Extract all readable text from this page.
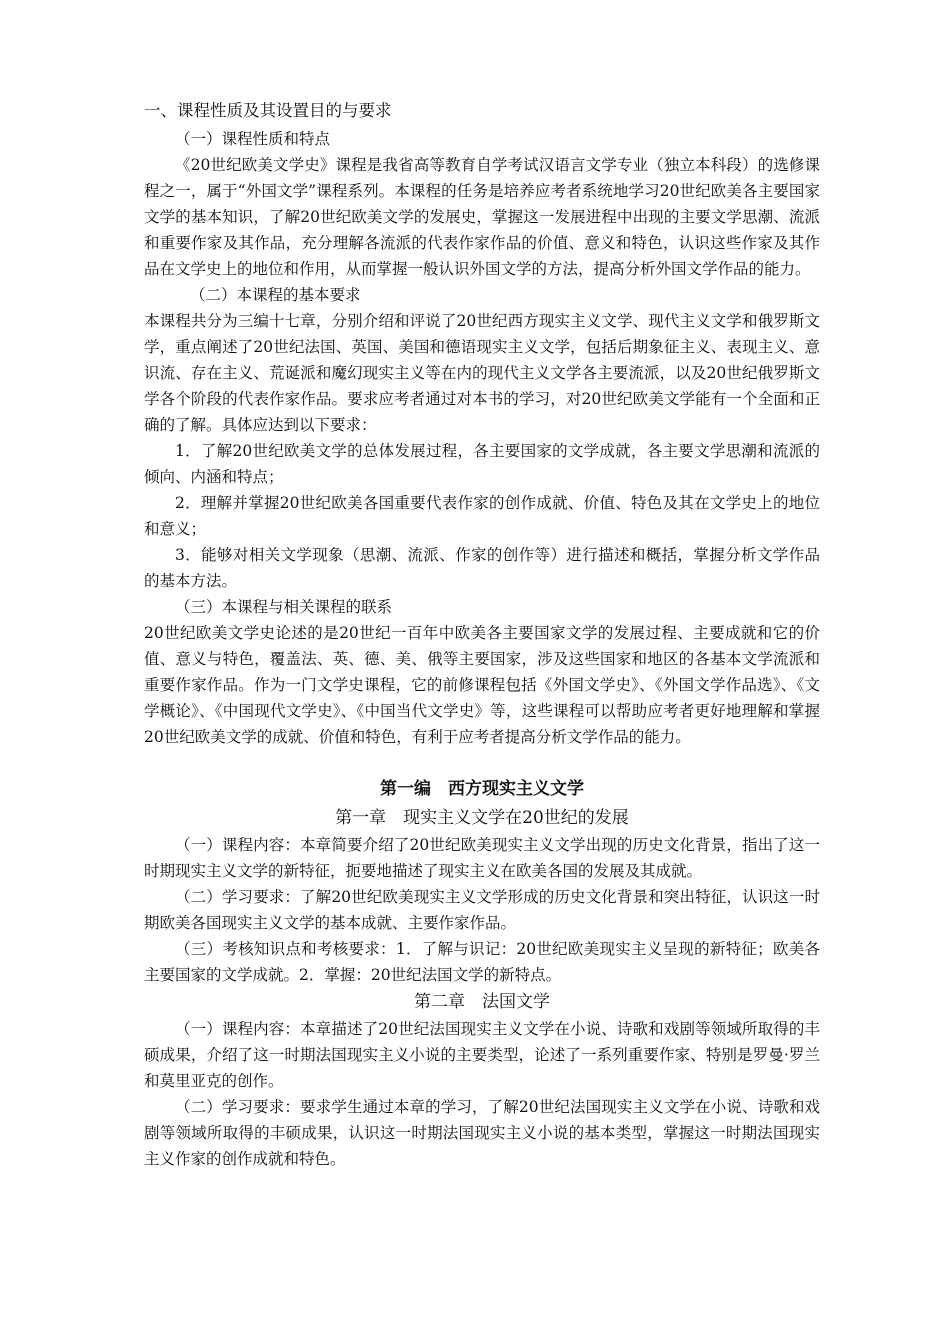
一、课程性质及其设置目的与要求

（一）课程性质和特点

《20世纪欧美文学史》课程是我省高等教育自学考试汉语言文学专业（独立本科段）的选修课程之一，属于“外国文学”课程系列。本课程的任务是培养应考者系统地学习20世纪欧美各主要国家文学的基本知识，了解20世纪欧美文学的发展史，掌握这一发展进程中出现的主要文学思潮、流派和重要作家及其作品，充分理解各流派的代表作家作品的价值、意义和特色，认识这些作家及其作品在文学史上的地位和作用，从而掌握一般认识外国文学的方法，提高分析外国文学作品的能力。

（二）本课程的基本要求

本课程共分为三编十七章，分别介绍和评说了20世纪西方现实主义文学、现代主义文学和俄罗斯文学，重点阐述了20世纪法国、英国、美国和德语现实主义文学，包括后期象征主义、表现主义、意识流、存在主义、荒诞派和魔幻现实主义等在内的现代主义文学各主要流派，以及20世纪俄罗斯文学各个阶段的代表作家作品。要求应考者通过对本书的学习，对20世纪欧美文学能有一个全面和正确的了解。具体应达到以下要求：

1．了解20世纪欧美文学的总体发展过程，各主要国家的文学成就，各主要文学思潮和流派的倾向、内涵和特点；

2．理解并掌握20世纪欧美各国重要代表作家的创作成就、价值、特色及其在文学史上的地位和意义；

3．能够对相关文学现象（思潮、流派、作家的创作等）进行描述和概括，掌握分析文学作品的基本方法。

（三）本课程与相关课程的联系

20世纪欧美文学史论述的是20世纪一百年中欧美各主要国家文学的发展过程、主要成就和它的价值、意义与特色，覆盖法、英、德、美、俄等主要国家，涉及这些国家和地区的各基本文学流派和重要作家作品。作为一门文学史课程，它的前修课程包括《外国文学史》、《外国文学作品选》、《文学概论》、《中国现代文学史》、《中国当代文学史》等，这些课程可以帮助应考者更好地理解和掌握20世纪欧美文学的成就、价值和特色，有利于应考者提高分析文学作品的能力。

第一编　西方现实主义文学

第一章　现实主义文学在20世纪的发展

（一）课程内容：本章简要介绍了20世纪欧美现实主义文学出现的历史文化背景，指出了这一时期现实主义文学的新特征，扼要地描述了现实主义在欧美各国的发展及其成就。

（二）学习要求：了解20世纪欧美现实主义文学形成的历史文化背景和突出特征，认识这一时期欧美各国现实主义文学的基本成就、主要作家作品。

（三）考核知识点和考核要求：1．了解与识记：20世纪欧美现实主义呈现的新特征；欧美各主要国家的文学成就。2．掌握：20世纪法国文学的新特点。

第二章　法国文学

（一）课程内容：本章描述了20世纪法国现实主义文学在小说、诗歌和戏剧等领域所取得的丰硕成果，介绍了这一时期法国现实主义小说的主要类型，论述了一系列重要作家、特别是罗曼·罗兰和莫里亚克的创作。

（二）学习要求：要求学生通过本章的学习，了解20世纪法国现实主义文学在小说、诗歌和戏剧等领域所取得的丰硕成果，认识这一时期法国现实主义小说的基本类型，掌握这一时期法国现实主义作家的创作成就和特色。
